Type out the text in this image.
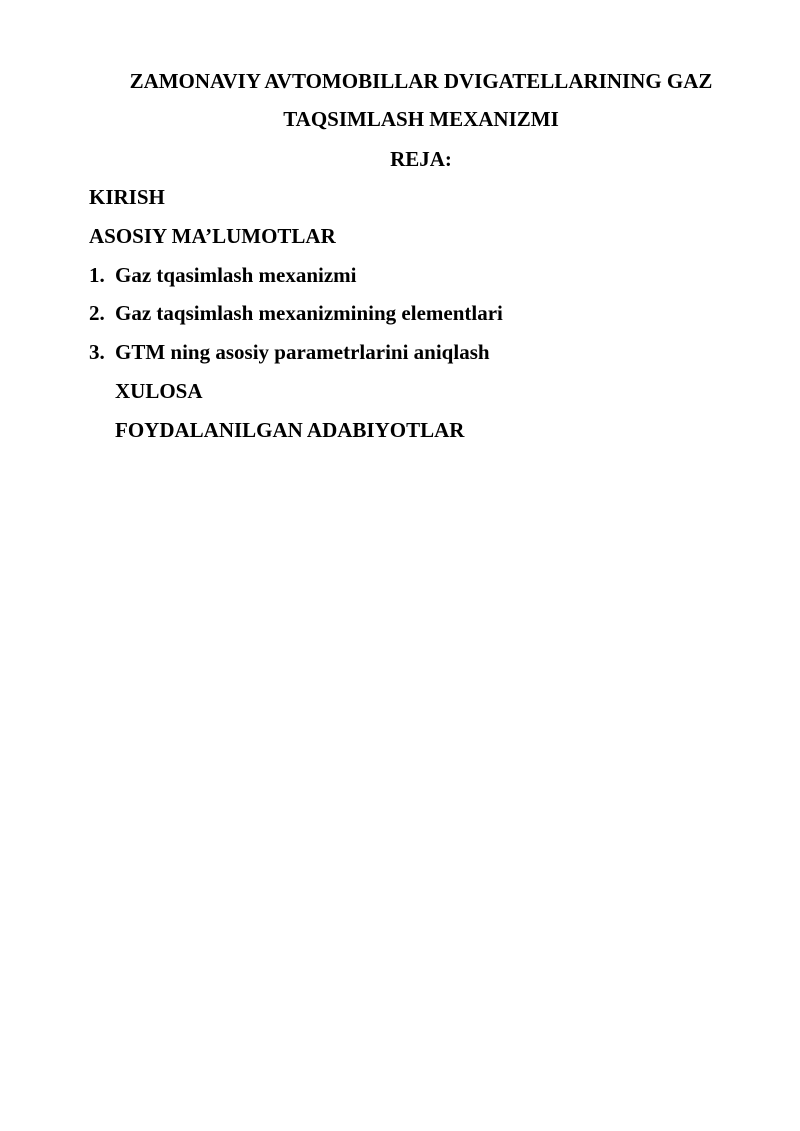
ZAMONAVIY AVTOMOBILLAR DVIGATELLARINING GAZ
TAQSIMLASH MEXANIZMI
REJA:
KIRISH
ASOSIY MA’LUMOTLAR
1. Gaz tqasimlash mexanizmi
2. Gaz taqsimlash mexanizmining elementlari
3. GTM ning asosiy parametrlarini aniqlash
XULOSA
FOYDALANILGAN ADABIYOTLAR
